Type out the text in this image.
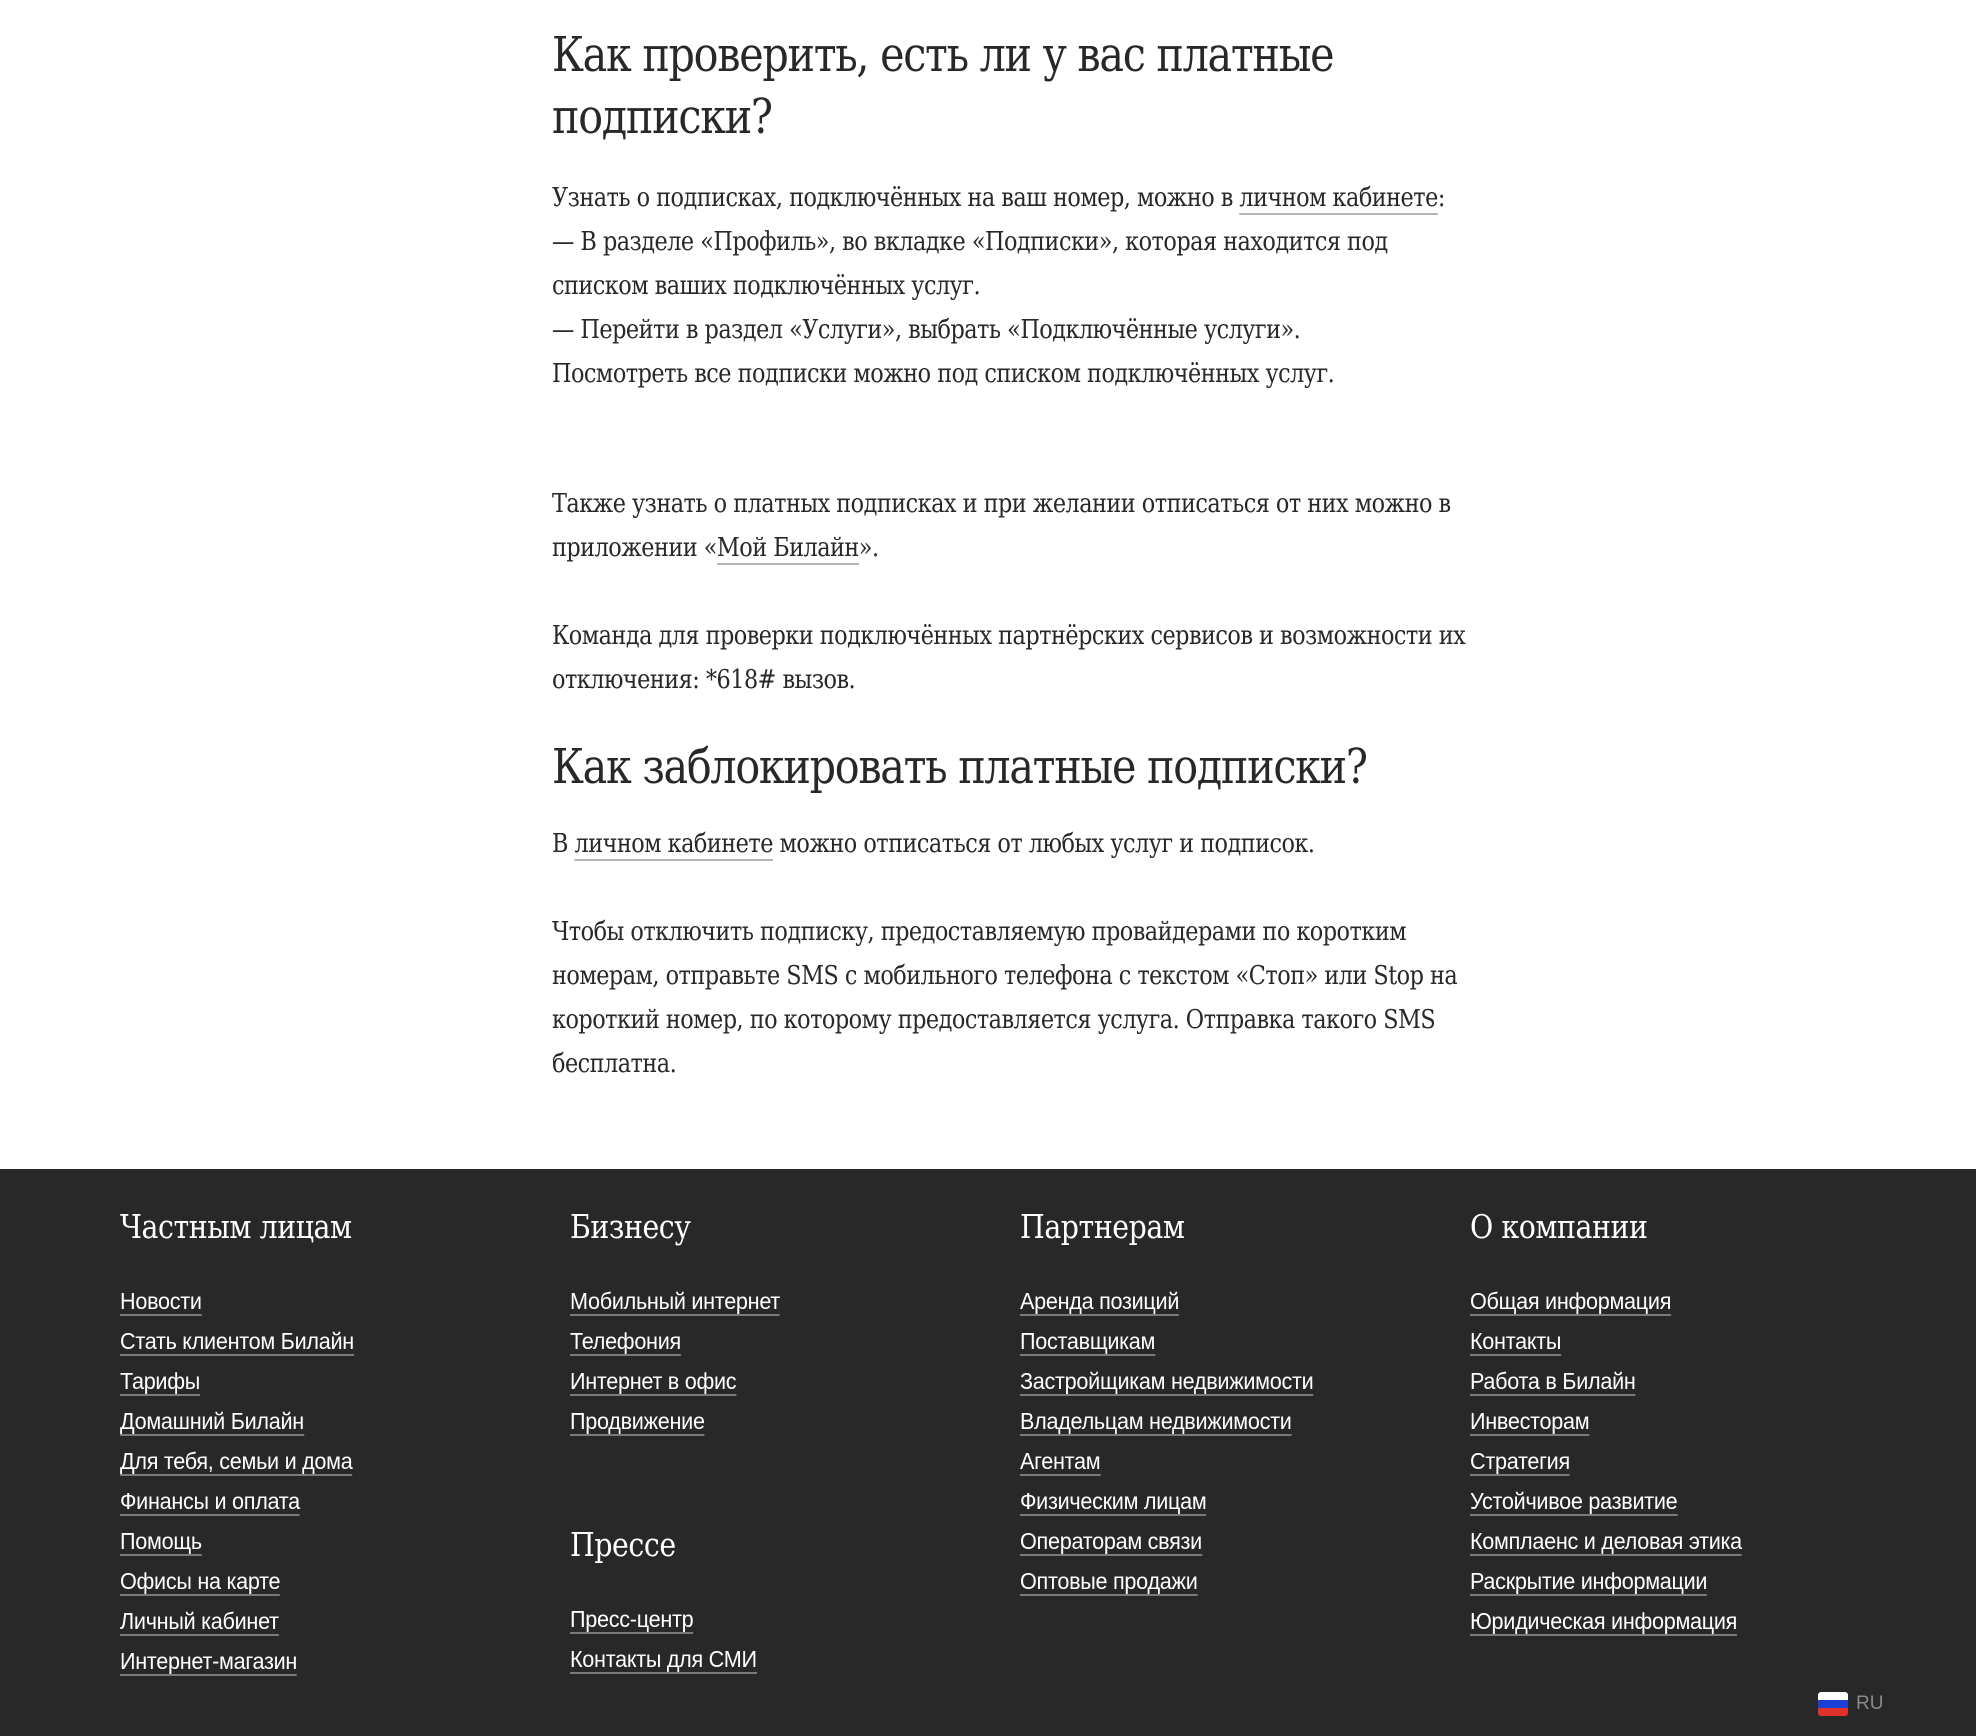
Как проверить, есть ли у вас платные подписки?
Узнать о подписках, подключённых на ваш номер, можно в личном кабинете:
— В разделе «Профиль», во вкладке «Подписки», которая находится под списком ваших подключённых услуг.
— Перейти в раздел «Услуги», выбрать «Подключённые услуги».
Посмотреть все подписки можно под списком подключённых услуг.
Также узнать о платных подписках и при желании отписаться от них можно в приложении «Мой Билайн».
Команда для проверки подключённых партнёрских сервисов и возможности их отключения: *618# вызов.
Как заблокировать платные подписки?
В личном кабинете можно отписаться от любых услуг и подписок.
Чтобы отключить подписку, предоставляемую провайдерами по коротким номерам, отправьте SMS с мобильного телефона с текстом «Стоп» или Stop на короткий номер, по которому предоставляется услуга. Отправка такого SMS бесплатна.
Частным лицам
Новости
Стать клиентом Билайн
Тарифы
Домашний Билайн
Для тебя, семьи и дома
Финансы и оплата
Помощь
Офисы на карте
Личный кабинет
Интернет-магазин
Бизнесу
Мобильный интернет
Телефония
Интернет в офис
Продвижение
Прессе
Пресс-центр
Контакты для СМИ
Партнерам
Аренда позиций
Поставщикам
Застройщикам недвижимости
Владельцам недвижимости
Агентам
Физическим лицам
Операторам связи
Оптовые продажи
О компании
Общая информация
Контакты
Работа в Билайн
Инвесторам
Стратегия
Устойчивое развитие
Комплаенс и деловая этика
Раскрытие информации
Юридическая информация
RU
